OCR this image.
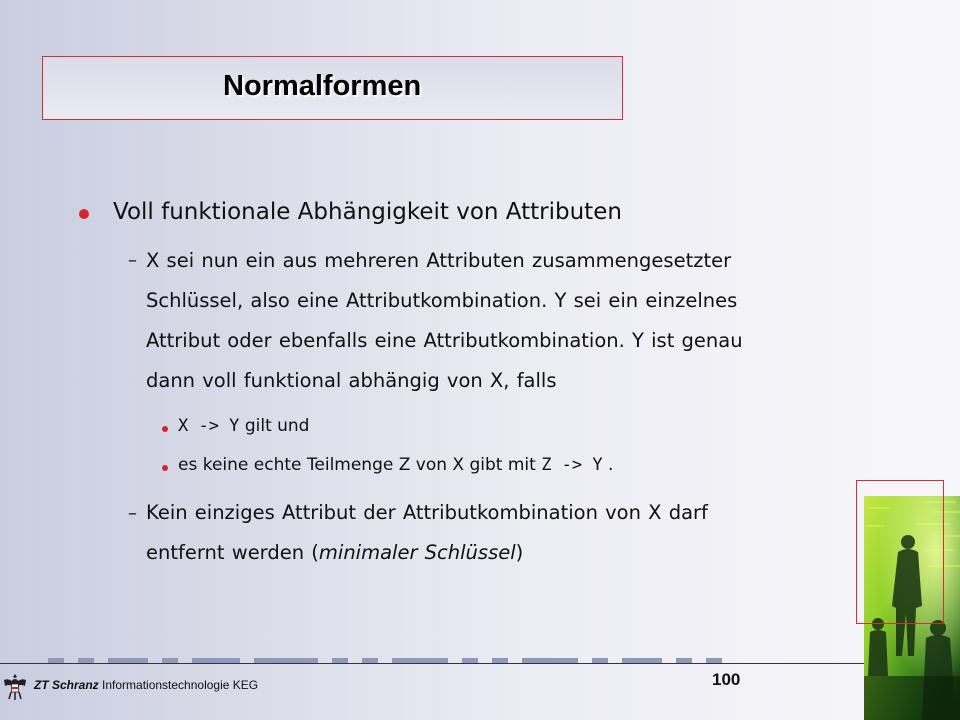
Normalformen
Voll funktionale Abhängigkeit von Attributen
– X sei nun ein aus mehreren Attributen zusammengesetzter
Schlüssel, also eine Attributkombination. Y sei ein einzelnes
Attribut oder ebenfalls eine Attributkombination. Y ist genau
dann voll funktional abhängig von X, falls
X -> Y gilt und
es keine echte Teilmenge Z von X gibt mit Z -> Y .
– Kein einziges Attribut der Attributkombination von X darf
entfernt werden (minimaler Schlüssel)
ZT Schranz Informationstechnologie KEG	100
